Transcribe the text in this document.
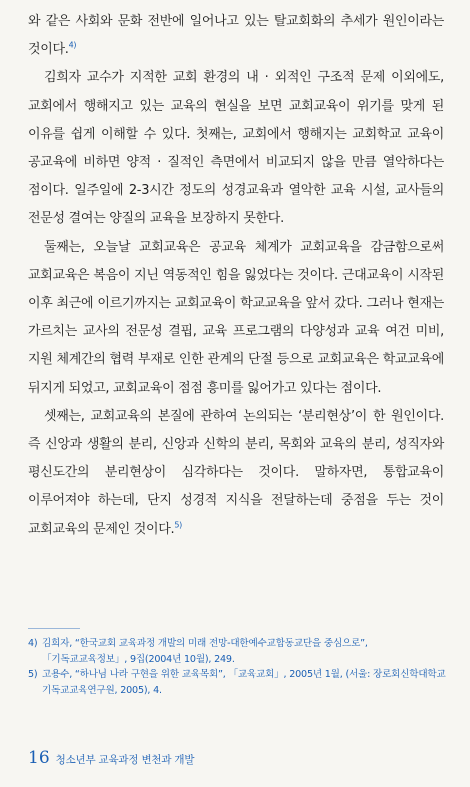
와 같은 사회와 문화 전반에 일어나고 있는 탈교회화의 추세가 원인이라는 것이다.$^{4)}$

김희자 교수가 지적한 교회 환경의 내 · 외적인 구조적 문제 이외에도, 교회에서 행해지고 있는 교육의 현실을 보면 교회교육이 위기를 맞게 된 이유를 쉽게 이해할 수 있다. 첫째는, 교회에서 행해지는 교회학교 교육이 공교육에 비하면 양적 · 질적인 측면에서 비교되지 않을 만큼 열악하다는 점이다. 일주일에 2-3시간 정도의 성경교육과 열악한 교육 시설, 교사들의 전문성 결여는 양질의 교육을 보장하지 못한다.

둘째는, 오늘날 교회교육은 공교육 체계가 교회교육을 감금함으로써 교회교육은 복음이 지닌 역동적인 힘을 잃었다는 것이다. 근대교육이 시작된 이후 최근에 이르기까지는 교회교육이 학교교육을 앞서 갔다. 그러나 현재는 가르치는 교사의 전문성 결핍, 교육 프로그램의 다양성과 교육 여건 미비, 지원 체계간의 협력 부재로 인한 관계의 단절 등으로 교회교육은 학교교육에 뒤지게 되었고, 교회교육이 점점 흥미를 잃어가고 있다는 점이다.

셋째는, 교회교육의 본질에 관하여 논의되는 ‘분리현상’이 한 원인이다. 즉 신앙과 생활의 분리, 신앙과 신학의 분리, 목회와 교육의 분리, 성직자와 평신도간의 분리현상이 심각하다는 것이다. 말하자면, 통합교육이 이루어져야 하는데, 단지 성경적 지식을 전달하는데 중점을 두는 것이 교회교육의 문제인 것이다.$^{5)}$

4) 김희자, “한국교회 교육과정 개발의 미래 전망-대한예수교합동교단을 중심으로”, 「기독교교육정보」, 9집(2004년 10월), 249.
5) 고용수, “하나님 나라 구현을 위한 교육목회”, 「교육교회」, 2005년 1월, (서울: 장로회신학대학교 기독교교육연구원, 2005), 4.
16 청소년부 교육과정 변천과 개발
